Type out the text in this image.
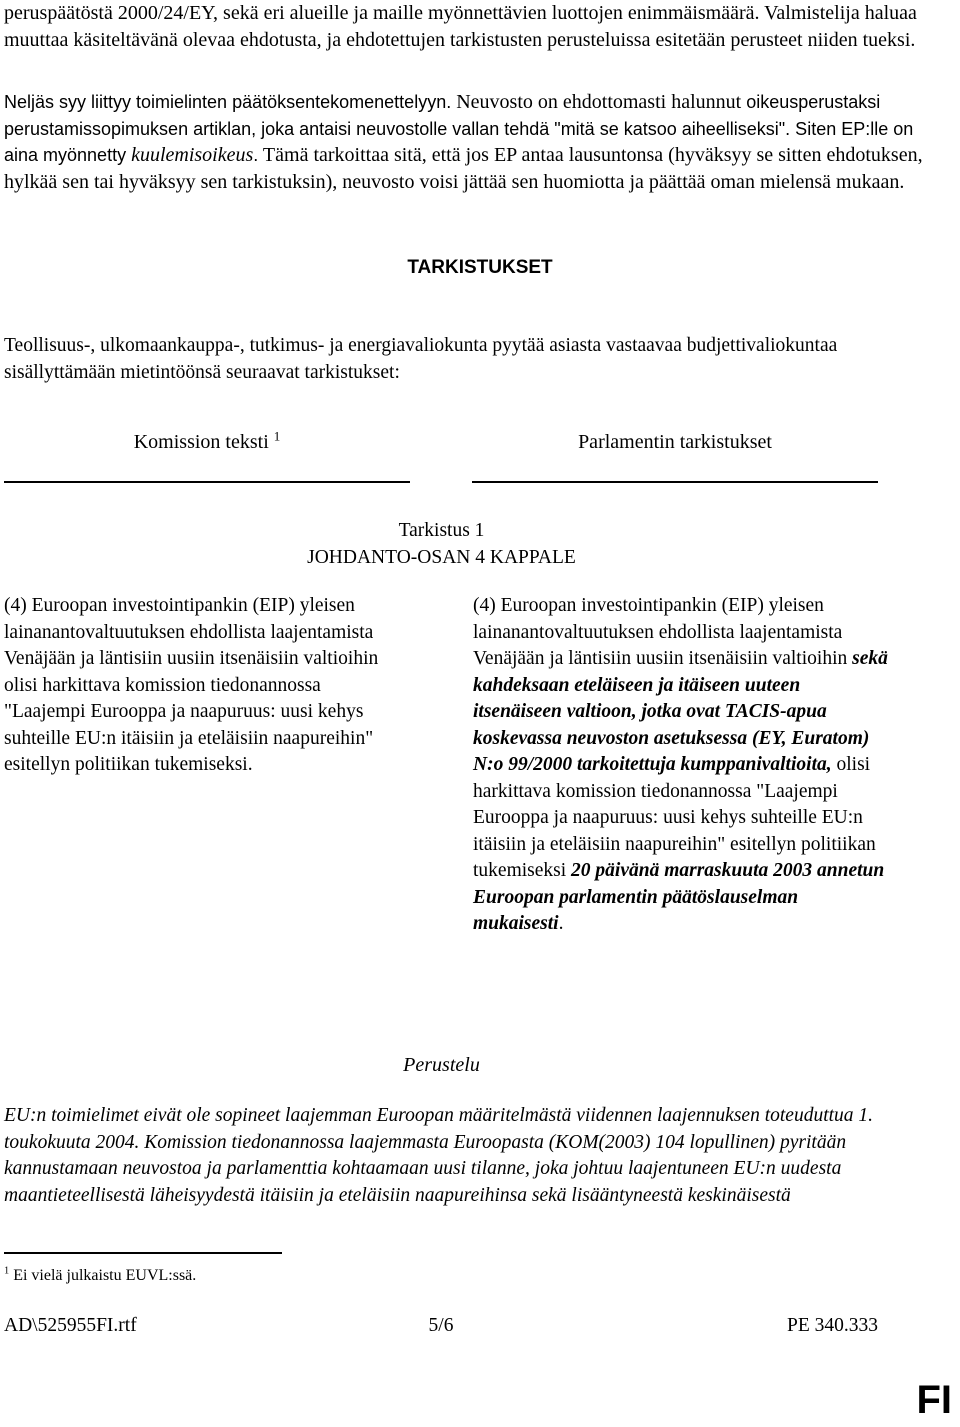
peruspäätöstä 2000/24/EY, sekä eri alueille ja maille myönnettävien luottojen enimmäismäärä. Valmistelija haluaa muuttaa käsiteltävänä olevaa ehdotusta, ja ehdotettujen tarkistusten perusteluissa esitetään perusteet niiden tueksi.
Neljäs syy liittyy toimielinten päätöksentekomenettelyyn. Neuvosto on ehdottomasti halunnut oikeusperustaksi perustamissopimuksen artiklan, joka antaisi neuvostolle vallan tehdä "mitä se katsoo aiheelliseksi". Siten EP:lle on aina myönnetty kuulemisoikeus. Tämä tarkoittaa sitä, että jos EP antaa lausuntonsa (hyväksyy se sitten ehdotuksen, hylkää sen tai hyväksyy sen tarkistuksin), neuvosto voisi jättää sen huomiotta ja päättää oman mielensä mukaan.
TARKISTUKSET
Teollisuus-, ulkomaankauppa-, tutkimus- ja energiavaliokunta pyytää asiasta vastaavaa budjettivaliokuntaa sisällyttämään mietintöönsä seuraavat tarkistukset:
Komission teksti $^1$	Parlamentin tarkistukset
Tarkistus 1
JOHDANTO-OSAN 4 KAPPALE
(4) Euroopan investointipankin (EIP) yleisen lainanantovaltuutuksen ehdollista laajentamista Venäjään ja läntisiin uusiin itsenäisiin valtioihin olisi harkittava komission tiedonannossa "Laajempi Eurooppa ja naapuruus: uusi kehys suhteille EU:n itäisiin ja eteläisiin naapureihin" esitellyn politiikan tukemiseksi.
(4) Euroopan investointipankin (EIP) yleisen lainanantovaltuutuksen ehdollista laajentamista Venäjään ja läntisiin uusiin itsenäisiin valtioihin sekä kahdeksaan eteläiseen ja itäiseen uuteen itsenäiseen valtioon, jotka ovat TACIS-apua koskevassa neuvoston asetuksessa (EY, Euratom) N:o 99/2000 tarkoitettuja kumppanivaltioita, olisi harkittava komission tiedonannossa "Laajempi Eurooppa ja naapuruus: uusi kehys suhteille EU:n itäisiin ja eteläisiin naapureihin" esitellyn politiikan tukemiseksi 20 päivänä marraskuuta 2003 annetun Euroopan parlamentin päätöslauselman mukaisesti.
Perustelu
EU:n toimielimet eivät ole sopineet laajemman Euroopan määritelmästä viidennen laajennuksen toteuduttua 1. toukokuuta 2004. Komission tiedonannossa laajemmasta Euroopasta (KOM(2003) 104 lopullinen) pyritään kannustamaan neuvostoa ja parlamenttia kohtaamaan uusi tilanne, joka johtuu laajentuneen EU:n uudesta maantieteellisestä läheisyydestä itäisiin ja eteläisiin naapureihinsa sekä lisääntyneestä keskinäisestä
$^1$ Ei vielä julkaistu EUVL:ssä.
AD\525955FI.rtf	5/6	PE 340.333
FI
